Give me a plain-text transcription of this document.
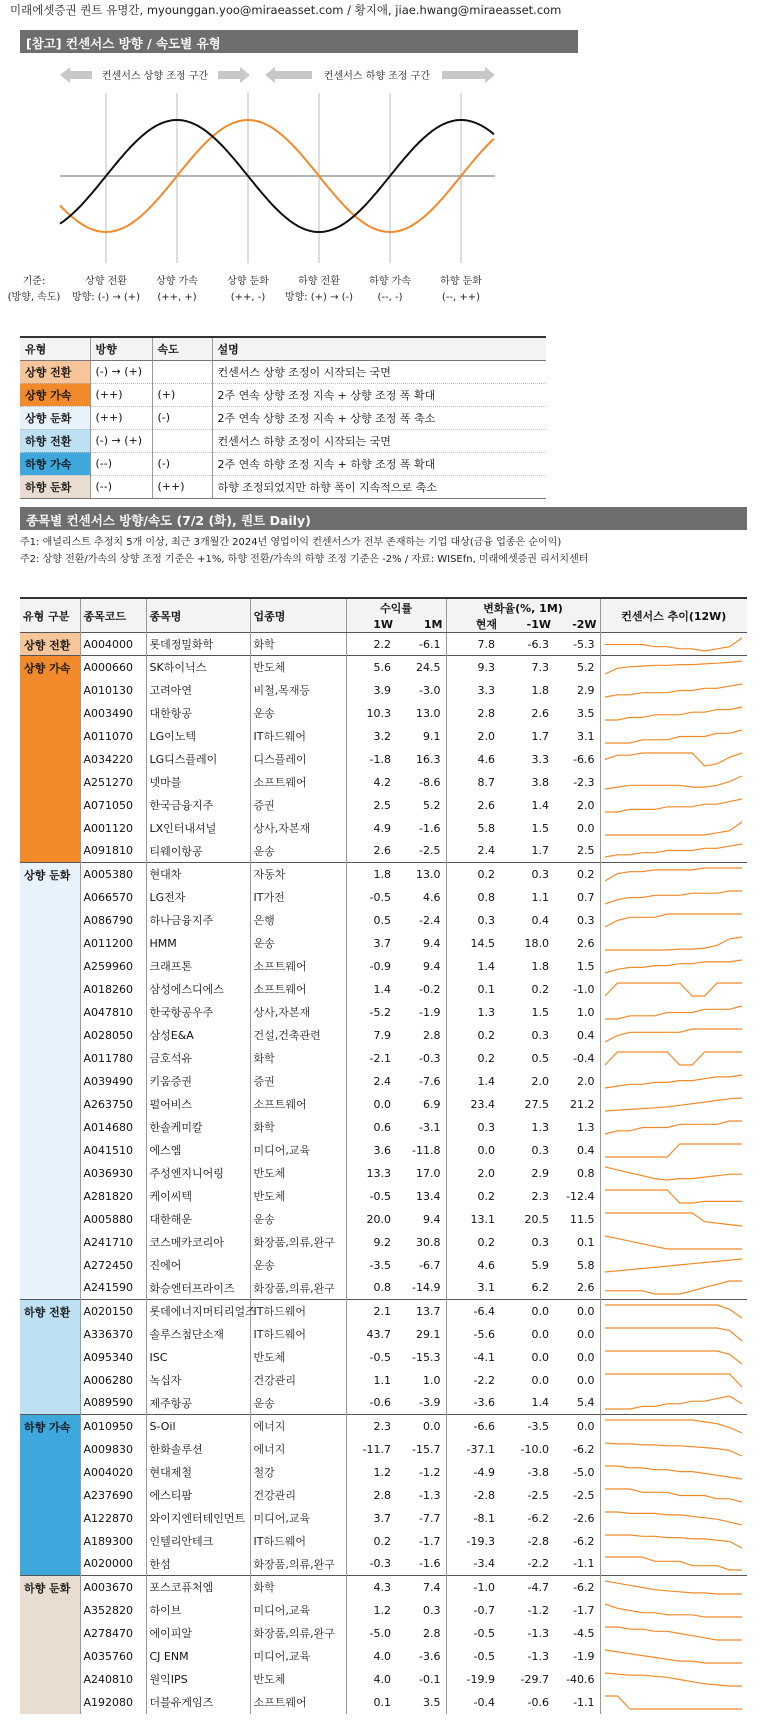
미래에셋증권 퀀트 유명간, myounggan.yoo@miraeasset.com / 황지애, jiae.hwang@miraeasset.com
[참고] 컨센서스 방향 / 속도별 유형
컨센서스 상향 조정 구간	컨센서스 하향 조정 구간
기준:
(방향, 속도)
상향 전환
방향: (-) → (+)
상향 가속
(++, +)
상향 둔화
(++, -)
하향 전환
방향: (+) → (-)
하향 가속
(--, -)
하향 둔화
(--, ++)
유형	방향	속도	설명
상향 전환	(-) → (+)		컨센서스 상향 조정이 시작되는 국면
상향 가속	(++)	(+)	2주 연속 상향 조정 지속 + 상향 조정 폭 확대
상향 둔화	(++)	(-)	2주 연속 상향 조정 지속 + 상향 조정 폭 축소
하향 전환	(-) → (+)		컨센서스 하향 조정이 시작되는 국면
하향 가속	(--)	(-)	2주 연속 하향 조정 지속 + 하향 조정 폭 확대
하향 둔화	(--)	(++)	하향 조정되었지만 하향 폭이 지속적으로 축소
종목별 컨센서스 방향/속도 (7/2 (화), 퀀트 Daily)
주1: 애널리스트 추정치 5개 이상, 최근 3개월간 2024년 영업이익 컨센서스가 전부 존재하는 기업 대상(금융 업종은 순이익)
주2: 상향 전환/가속의 상향 조정 기준은 +1%, 하향 전환/가속의 하향 조정 기준은 -2% / 자료: WISEfn, 미래에셋증권 리서치센터
유형 구분	종목코드	종목명	업종명	수익률		변화율(%, 1M)			컨센서스 추이(12W)
				1W	1M	현재	-1W	-2W	
상향 전환	A004000	롯데정밀화학	화학	2.2	-6.1	7.8	-6.3	-5.3	

상향 가속	A000660	SK하이닉스	반도체	5.6	24.5	9.3	7.3	5.2	

	A010130	고려아연	비철,목재등	3.9	-3.0	3.3	1.8	2.9	

	A003490	대한항공	운송	10.3	13.0	2.8	2.6	3.5	

	A011070	LG이노텍	IT하드웨어	3.2	9.1	2.0	1.7	3.1	

	A034220	LG디스플레이	디스플레이	-1.8	16.3	4.6	3.3	-6.6	

	A251270	넷마블	소프트웨어	4.2	-8.6	8.7	3.8	-2.3	

	A071050	한국금융지주	증권	2.5	5.2	2.6	1.4	2.0	

	A001120	LX인터내셔널	상사,자본재	4.9	-1.6	5.8	1.5	0.0	

	A091810	티웨이항공	운송	2.6	-2.5	2.4	1.7	2.5	

상향 둔화	A005380	현대차	자동차	1.8	13.0	0.2	0.3	0.2	

	A066570	LG전자	IT가전	-0.5	4.6	0.8	1.1	0.7	

	A086790	하나금융지주	은행	0.5	-2.4	0.3	0.4	0.3	

	A011200	HMM	운송	3.7	9.4	14.5	18.0	2.6	

	A259960	크래프톤	소프트웨어	-0.9	9.4	1.4	1.8	1.5	

	A018260	삼성에스디에스	소프트웨어	1.4	-0.2	0.1	0.2	-1.0	

	A047810	한국항공우주	상사,자본재	-5.2	-1.9	1.3	1.5	1.0	

	A028050	삼성E&A	건설,건축관련	7.9	2.8	0.2	0.3	0.4	

	A011780	금호석유	화학	-2.1	-0.3	0.2	0.5	-0.4	

	A039490	키움증권	증권	2.4	-7.6	1.4	2.0	2.0	

	A263750	펄어비스	소프트웨어	0.0	6.9	23.4	27.5	21.2	

	A014680	한솔케미칼	화학	0.6	-3.1	0.3	1.3	1.3	

	A041510	에스엠	미디어,교육	3.6	-11.8	0.0	0.3	0.4	

	A036930	주성엔지니어링	반도체	13.3	17.0	2.0	2.9	0.8	

	A281820	케이씨텍	반도체	-0.5	13.4	0.2	2.3	-12.4	

	A005880	대한해운	운송	20.0	9.4	13.1	20.5	11.5	

	A241710	코스메카코리아	화장품,의류,완구	9.2	30.8	0.2	0.3	0.1	

	A272450	진에어	운송	-3.5	-6.7	4.6	5.9	5.8	

	A241590	화승엔터프라이즈	화장품,의류,완구	0.8	-14.9	3.1	6.2	2.6	

하향 전환	A020150	롯데에너지머티리얼즈	IT하드웨어	2.1	13.7	-6.4	0.0	0.0	

	A336370	솔루스첨단소재	IT하드웨어	43.7	29.1	-5.6	0.0	0.0	

	A095340	ISC	반도체	-0.5	-15.3	-4.1	0.0	0.0	

	A006280	녹십자	건강관리	1.1	1.0	-2.2	0.0	0.0	

	A089590	제주항공	운송	-0.6	-3.9	-3.6	1.4	5.4	

하향 가속	A010950	S-Oil	에너지	2.3	0.0	-6.6	-3.5	0.0	

	A009830	한화솔루션	에너지	-11.7	-15.7	-37.1	-10.0	-6.2	

	A004020	현대제철	철강	1.2	-1.2	-4.9	-3.8	-5.0	

	A237690	에스티팜	건강관리	2.8	-1.3	-2.8	-2.5	-2.5	

	A122870	와이지엔터테인먼트	미디어,교육	3.7	-7.7	-8.1	-6.2	-2.6	

	A189300	인텔리안테크	IT하드웨어	0.2	-1.7	-19.3	-2.8	-6.2	

	A020000	한섬	화장품,의류,완구	-0.3	-1.6	-3.4	-2.2	-1.1	

하향 둔화	A003670	포스코퓨처엠	화학	4.3	7.4	-1.0	-4.7	-6.2	

	A352820	하이브	미디어,교육	1.2	0.3	-0.7	-1.2	-1.7	

	A278470	에이피알	화장품,의류,완구	-5.0	2.8	-0.5	-1.3	-4.5	

	A035760	CJ ENM	미디어,교육	4.0	-3.6	-0.5	-1.3	-1.9	

	A240810	원익IPS	반도체	4.0	-0.1	-19.9	-29.7	-40.6	

	A192080	더블유게임즈	소프트웨어	0.1	3.5	-0.4	-0.6	-1.1	
